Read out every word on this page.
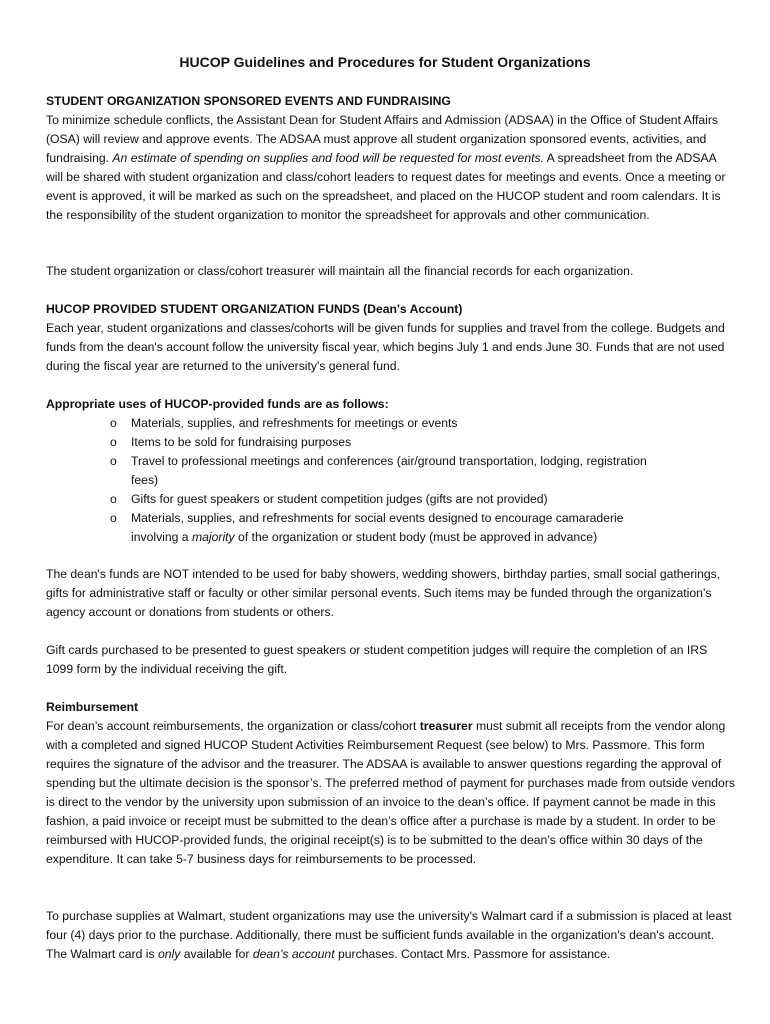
HUCOP Guidelines and Procedures for Student Organizations

STUDENT ORGANIZATION SPONSORED EVENTS AND FUNDRAISING

To minimize schedule conflicts, the Assistant Dean for Student Affairs and Admission (ADSAA) in the Office of Student Affairs (OSA) will review and approve events. The ADSAA must approve all student organization sponsored events, activities, and fundraising. An estimate of spending on supplies and food will be requested for most events. A spreadsheet from the ADSAA will be shared with student organization and class/cohort leaders to request dates for meetings and events. Once a meeting or event is approved, it will be marked as such on the spreadsheet, and placed on the HUCOP student and room calendars. It is the responsibility of the student organization to monitor the spreadsheet for approvals and other communication.

The student organization or class/cohort treasurer will maintain all the financial records for each organization.

HUCOP PROVIDED STUDENT ORGANIZATION FUNDS (Dean's Account)

Each year, student organizations and classes/cohorts will be given funds for supplies and travel from the college. Budgets and funds from the dean's account follow the university fiscal year, which begins July 1 and ends June 30. Funds that are not used during the fiscal year are returned to the university's general fund.

Appropriate uses of HUCOP-provided funds are as follows:

o Materials, supplies, and refreshments for meetings or events
o Items to be sold for fundraising purposes
o Travel to professional meetings and conferences (air/ground transportation, lodging, registration fees)
o Gifts for guest speakers or student competition judges (gifts are not provided)
o Materials, supplies, and refreshments for social events designed to encourage camaraderie involving a majority of the organization or student body (must be approved in advance)

The dean's funds are NOT intended to be used for baby showers, wedding showers, birthday parties, small social gatherings, gifts for administrative staff or faculty or other similar personal events. Such items may be funded through the organization’s agency account or donations from students or others.

Gift cards purchased to be presented to guest speakers or student competition judges will require the completion of an IRS 1099 form by the individual receiving the gift.

Reimbursement

For dean’s account reimbursements, the organization or class/cohort treasurer must submit all receipts from the vendor along with a completed and signed HUCOP Student Activities Reimbursement Request (see below) to Mrs. Passmore. This form requires the signature of the advisor and the treasurer. The ADSAA is available to answer questions regarding the approval of spending but the ultimate decision is the sponsor’s. The preferred method of payment for purchases made from outside vendors is direct to the vendor by the university upon submission of an invoice to the dean’s office. If payment cannot be made in this fashion, a paid invoice or receipt must be submitted to the dean’s office after a purchase is made by a student. In order to be reimbursed with HUCOP-provided funds, the original receipt(s) is to be submitted to the dean’s office within 30 days of the expenditure. It can take 5-7 business days for reimbursements to be processed.

To purchase supplies at Walmart, student organizations may use the university's Walmart card if a submission is placed at least four (4) days prior to the purchase. Additionally, there must be sufficient funds available in the organization's dean's account. The Walmart card is only available for dean’s account purchases. Contact Mrs. Passmore for assistance.
